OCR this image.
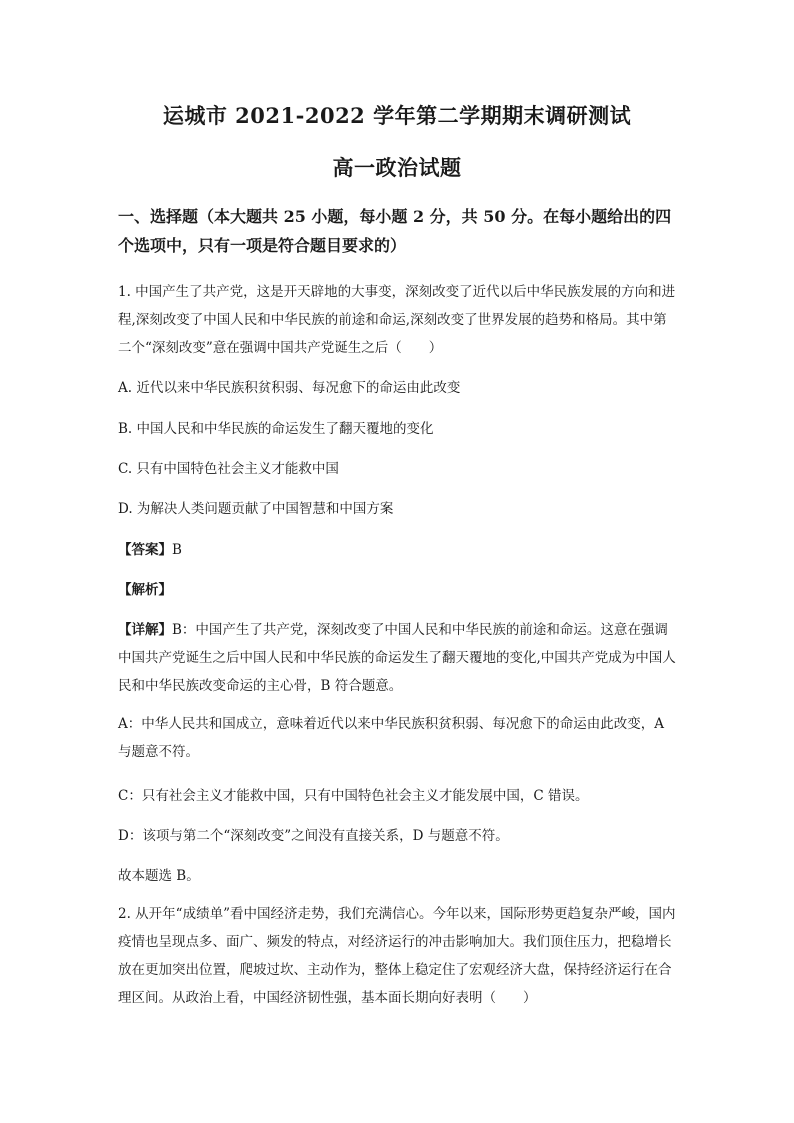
运城市 2021-2022 学年第二学期期末调研测试
高一政治试题
一、选择题（本大题共 25 小题，每小题 2 分，共 50 分。在每小题给出的四个选项中，只有一项是符合题目要求的）
1. 中国产生了共产党，这是开天辟地的大事变，深刻改变了近代以后中华民族发展的方向和进程,深刻改变了中国人民和中华民族的前途和命运,深刻改变了世界发展的趋势和格局。其中第二个“深刻改变”意在强调中国共产党诞生之后（　　）
A. 近代以来中华民族积贫积弱、每况愈下的命运由此改变
B. 中国人民和中华民族的命运发生了翻天覆地的变化
C. 只有中国特色社会主义才能救中国
D. 为解决人类问题贡献了中国智慧和中国方案
【答案】B
【解析】
【详解】B：中国产生了共产党，深刻改变了中国人民和中华民族的前途和命运。这意在强调中国共产党诞生之后中国人民和中华民族的命运发生了翻天覆地的变化,中国共产党成为中国人民和中华民族改变命运的主心骨，B 符合题意。
A：中华人民共和国成立，意味着近代以来中华民族积贫积弱、每况愈下的命运由此改变，A 与题意不符。
C：只有社会主义才能救中国，只有中国特色社会主义才能发展中国，C 错误。
D：该项与第二个“深刻改变”之间没有直接关系，D 与题意不符。
故本题选 B。
2. 从开年“成绩单”看中国经济走势，我们充满信心。今年以来，国际形势更趋复杂严峻，国内疫情也呈现点多、面广、频发的特点，对经济运行的冲击影响加大。我们顶住压力，把稳增长放在更加突出位置，爬坡过坎、主动作为，整体上稳定住了宏观经济大盘，保持经济运行在合理区间。从政治上看，中国经济韧性强，基本面长期向好表明（　　）
